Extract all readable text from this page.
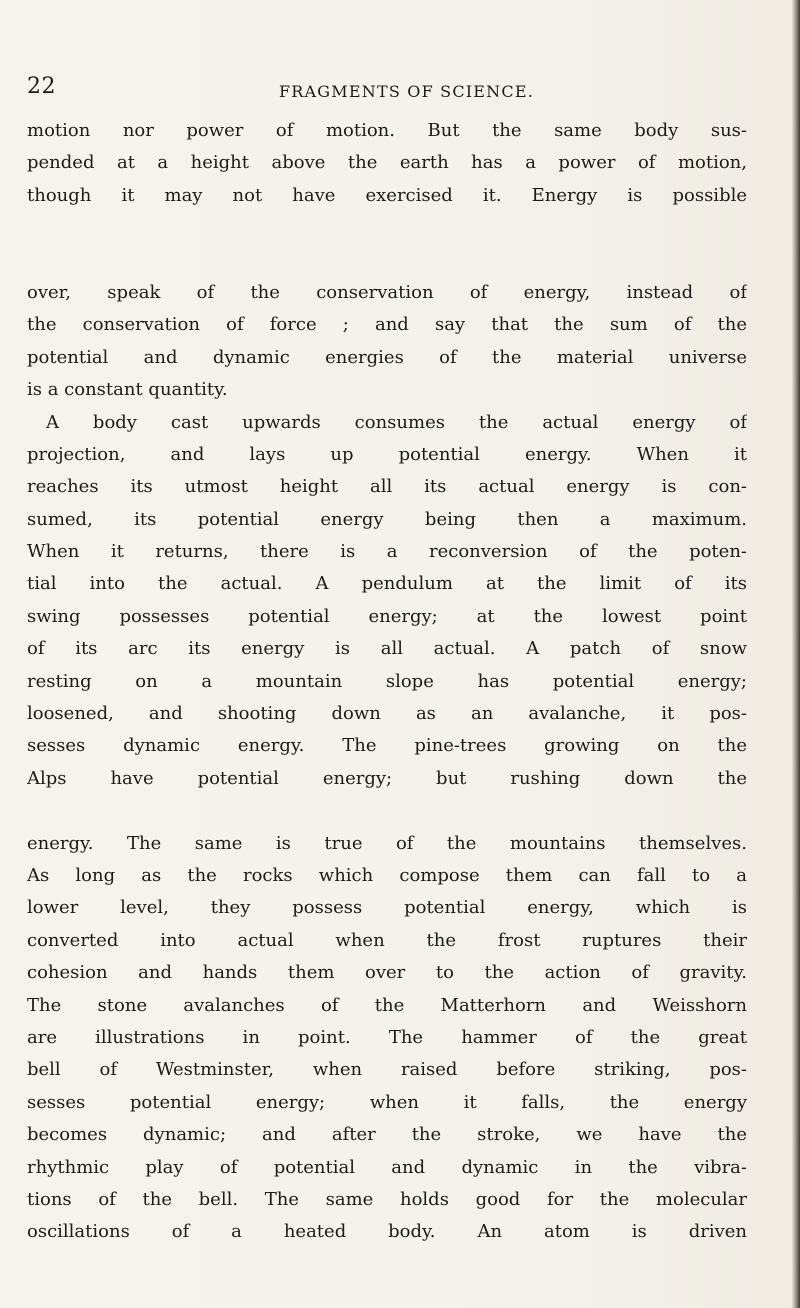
22	FRAGMENTS OF SCIENCE.
motion nor power of motion. But the same body sus-
pended at a height above the earth has a power of motion,
though it may not have exercised it. Energy is possible

over, speak of the conservation of energy, instead of
the conservation of force ; and say that the sum of the
potential and dynamic energies of the material universe
is a constant quantity.
A body cast upwards consumes the actual energy of
projection, and lays up potential energy. When it
reaches its utmost height all its actual energy is con-
sumed, its potential energy being then a maximum.
When it returns, there is a reconversion of the poten-
tial into the actual. A pendulum at the limit of its
swing possesses potential energy; at the lowest point
of its arc its energy is all actual. A patch of snow
resting on a mountain slope has potential energy;
loosened, and shooting down as an avalanche, it pos-
sesses dynamic energy. The pine-trees growing on the
Alps have potential energy; but rushing down the

energy. The same is true of the mountains themselves.
As long as the rocks which compose them can fall to a
lower level, they possess potential energy, which is
converted into actual when the frost ruptures their
cohesion and hands them over to the action of gravity.
The stone avalanches of the Matterhorn and Weisshorn
are illustrations in point. The hammer of the great
bell of Westminster, when raised before striking, pos-
sesses potential energy; when it falls, the energy
becomes dynamic; and after the stroke, we have the
rhythmic play of potential and dynamic in the vibra-
tions of the bell. The same holds good for the molecular
oscillations of a heated body. An atom is driven
